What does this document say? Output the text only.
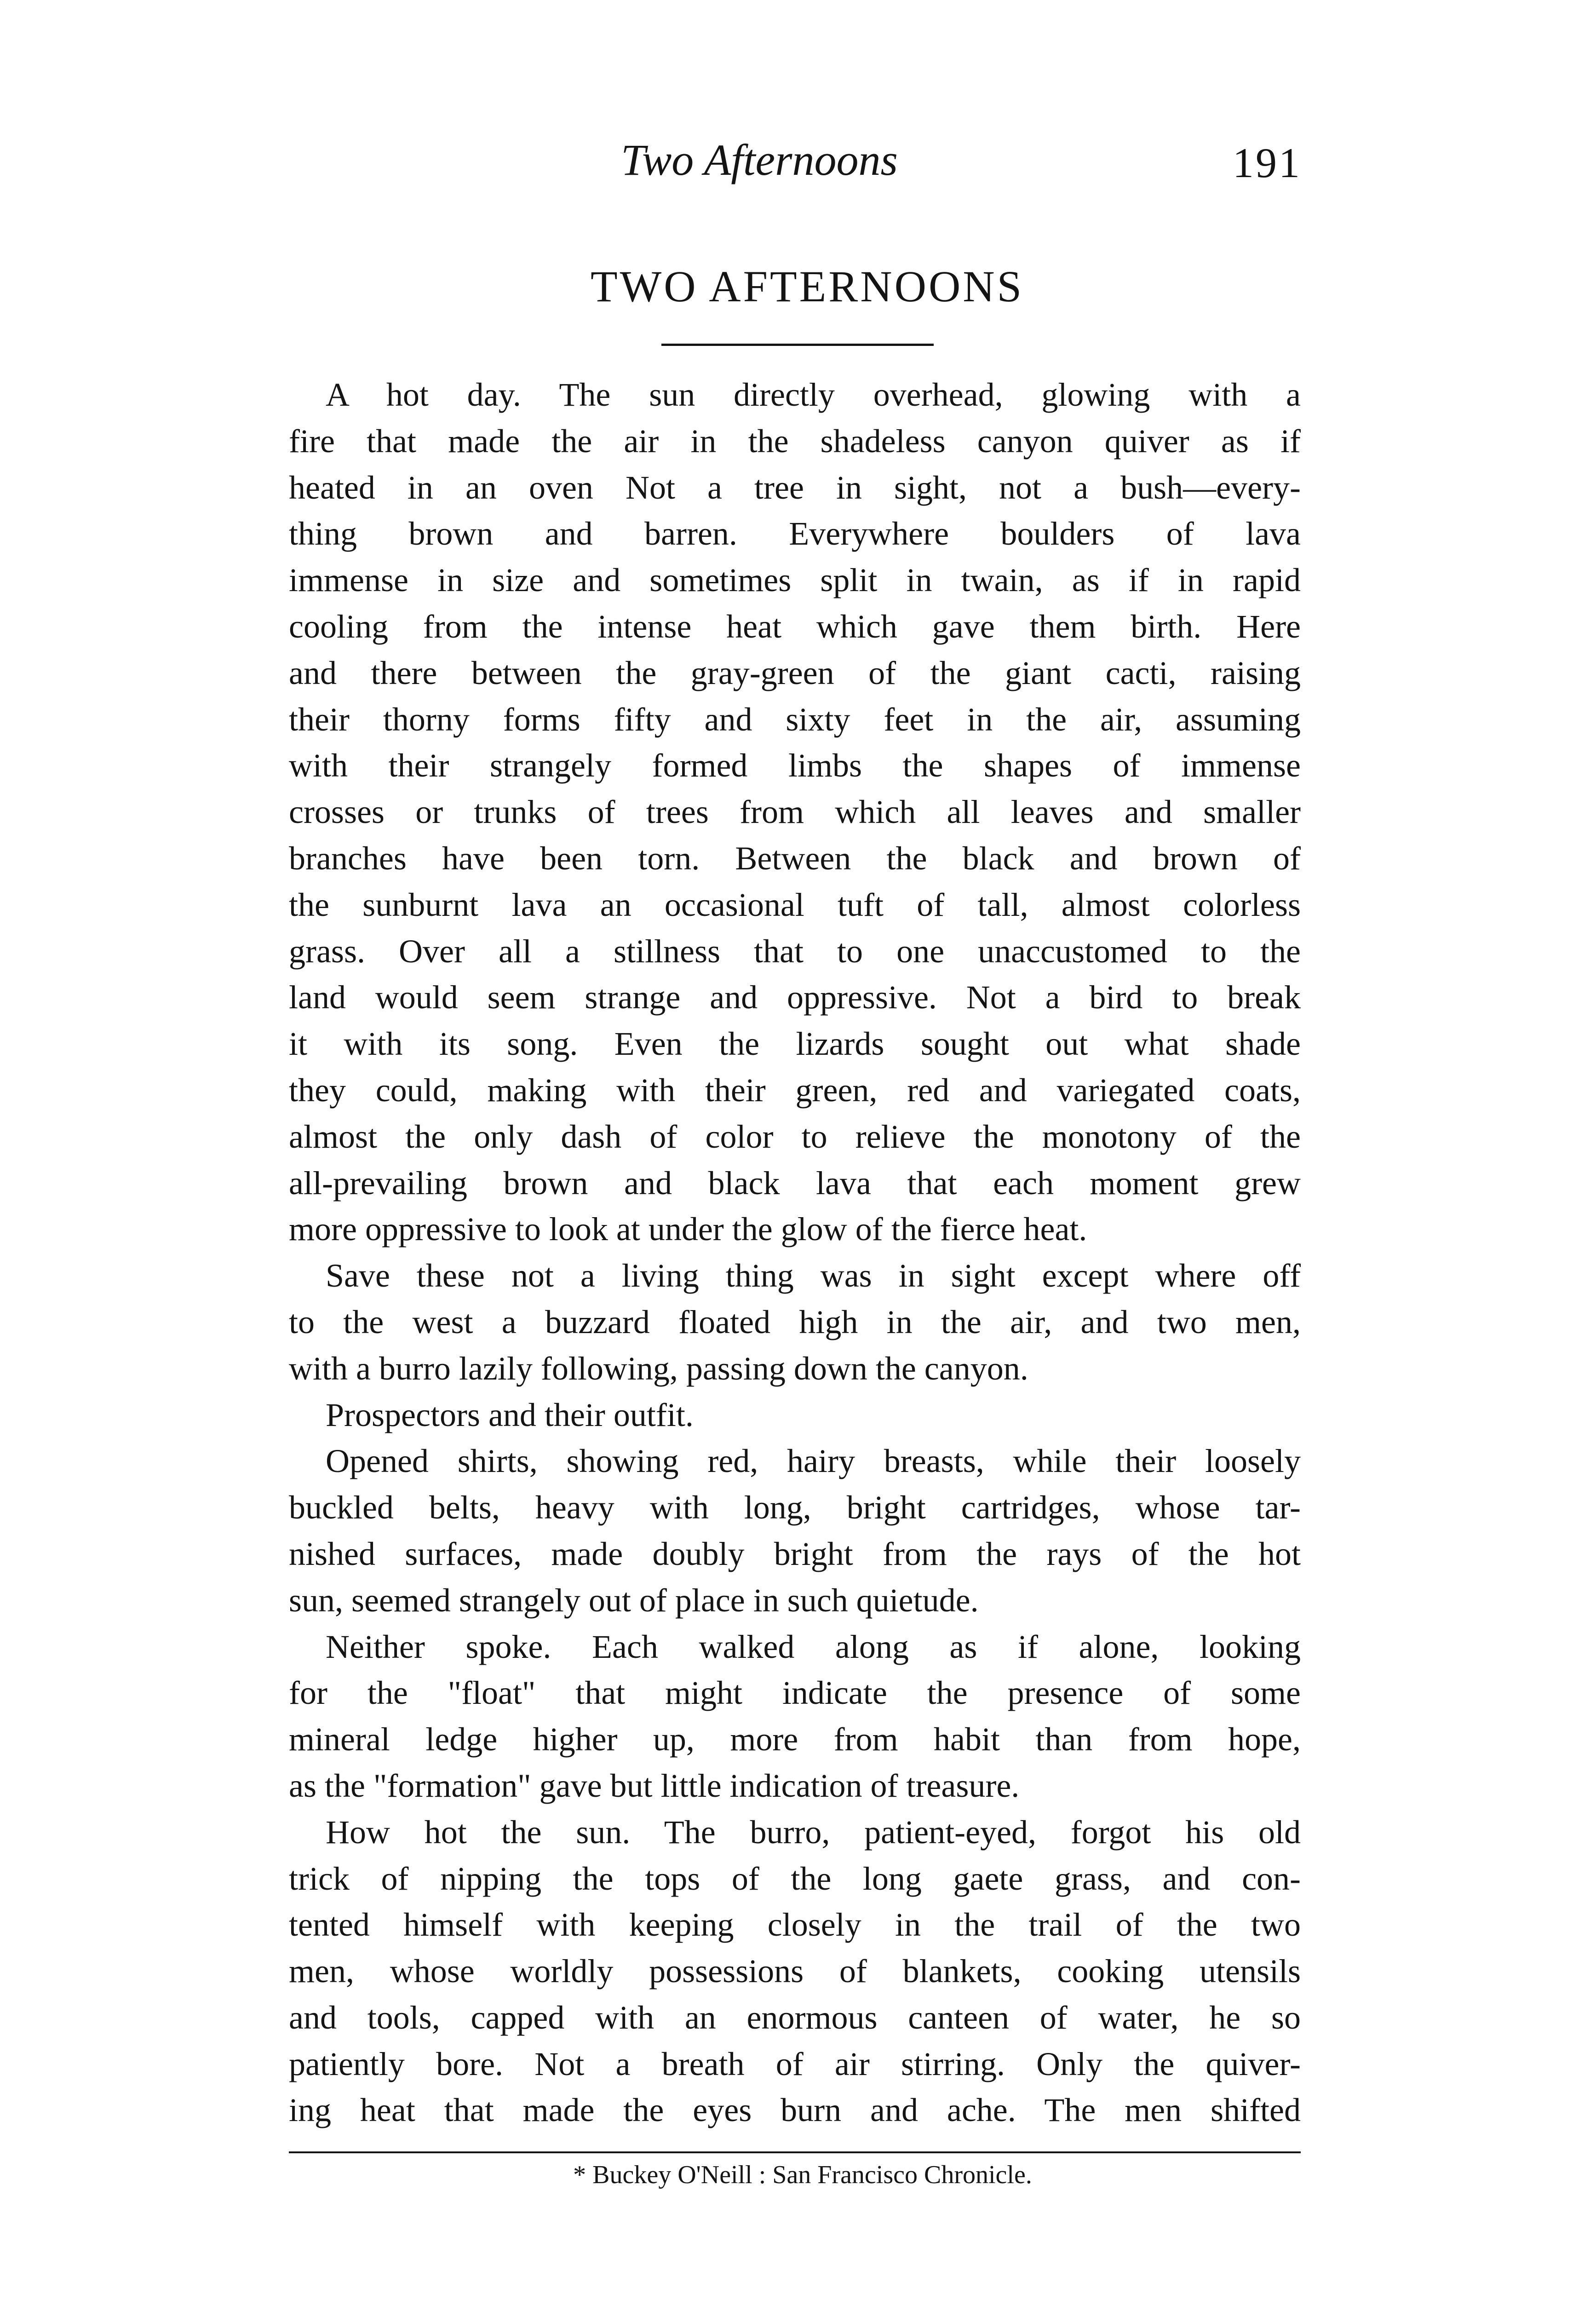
Two Afternoons	191
TWO AFTERNOONS
A hot day. The sun directly overhead, glowing with a
fire that made the air in the shadeless canyon quiver as if
heated in an oven Not a tree in sight, not a bush—every-
thing brown and barren. Everywhere boulders of lava
immense in size and sometimes split in twain, as if in rapid
cooling from the intense heat which gave them birth. Here
and there between the gray-green of the giant cacti, raising
their thorny forms fifty and sixty feet in the air, assuming
with their strangely formed limbs the shapes of immense
crosses or trunks of trees from which all leaves and smaller
branches have been torn. Between the black and brown of
the sunburnt lava an occasional tuft of tall, almost colorless
grass. Over all a stillness that to one unaccustomed to the
land would seem strange and oppressive. Not a bird to break
it with its song. Even the lizards sought out what shade
they could, making with their green, red and variegated coats,
almost the only dash of color to relieve the monotony of the
all-prevailing brown and black lava that each moment grew
more oppressive to look at under the glow of the fierce heat.
Save these not a living thing was in sight except where off
to the west a buzzard floated high in the air, and two men,
with a burro lazily following, passing down the canyon.
Prospectors and their outfit.
Opened shirts, showing red, hairy breasts, while their loosely
buckled belts, heavy with long, bright cartridges, whose tar-
nished surfaces, made doubly bright from the rays of the hot
sun, seemed strangely out of place in such quietude.
Neither spoke. Each walked along as if alone, looking
for the "float" that might indicate the presence of some
mineral ledge higher up, more from habit than from hope,
as the "formation" gave but little indication of treasure.
How hot the sun. The burro, patient-eyed, forgot his old
trick of nipping the tops of the long gaete grass, and con-
tented himself with keeping closely in the trail of the two
men, whose worldly possessions of blankets, cooking utensils
and tools, capped with an enormous canteen of water, he so
patiently bore. Not a breath of air stirring. Only the quiver-
ing heat that made the eyes burn and ache. The men shifted
* Buckey O'Neill : San Francisco Chronicle.
